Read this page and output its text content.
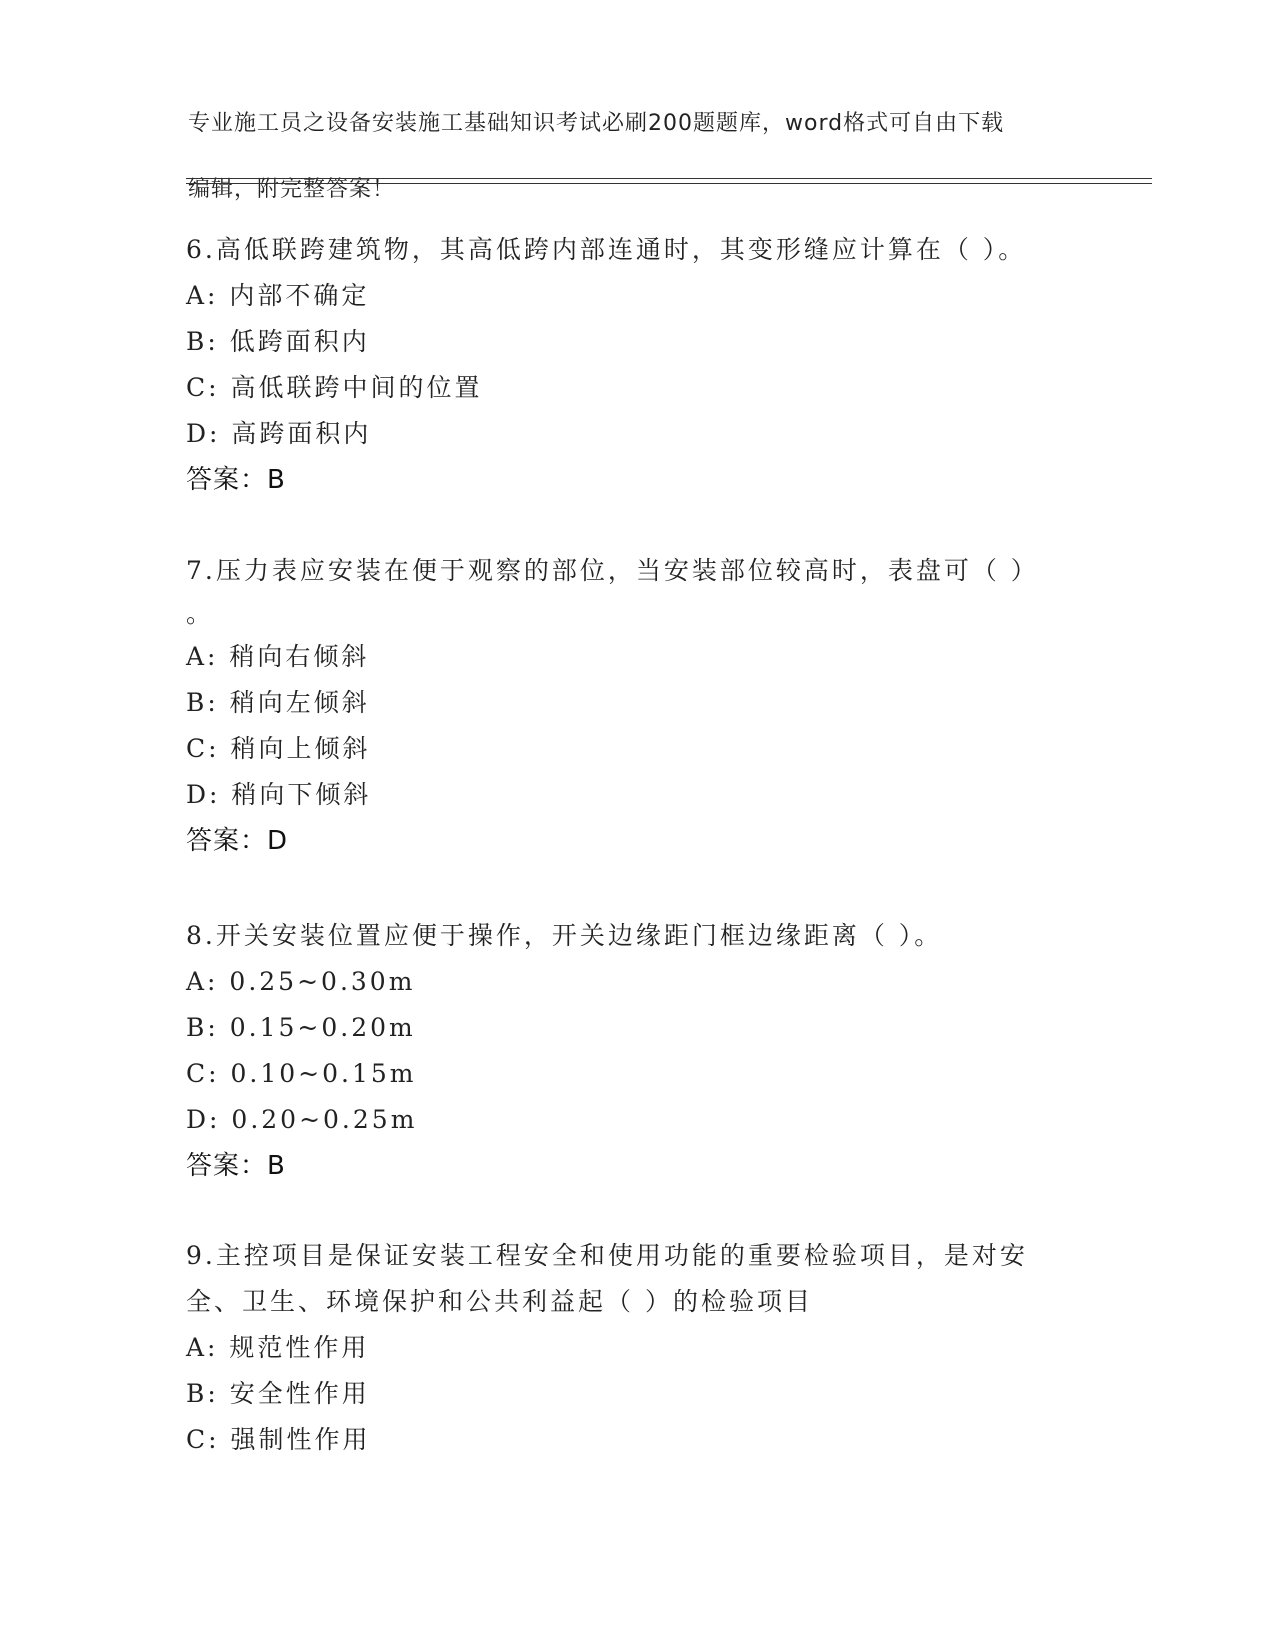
专业施工员之设备安装施工基础知识考试必刷200题题库，word格式可自由下载

编辑，附完整答案！

6.高低联跨建筑物，其高低跨内部连通时，其变形缝应计算在（ ）。
A: 内部不确定
B: 低跨面积内
C: 高低联跨中间的位置
D: 高跨面积内
答案：B
7.压力表应安装在便于观察的部位，当安装部位较高时，表盘可（ ）
。
A: 稍向右倾斜
B: 稍向左倾斜
C: 稍向上倾斜
D: 稍向下倾斜
答案：D
8.开关安装位置应便于操作，开关边缘距门框边缘距离（ ）。
A: 0.25~0.30m
B: 0.15~0.20m
C: 0.10~0.15m
D: 0.20~0.25m
答案：B
9.主控项目是保证安装工程安全和使用功能的重要检验项目，是对安
全、卫生、环境保护和公共利益起（ ）的检验项目
A: 规范性作用
B: 安全性作用
C: 强制性作用
